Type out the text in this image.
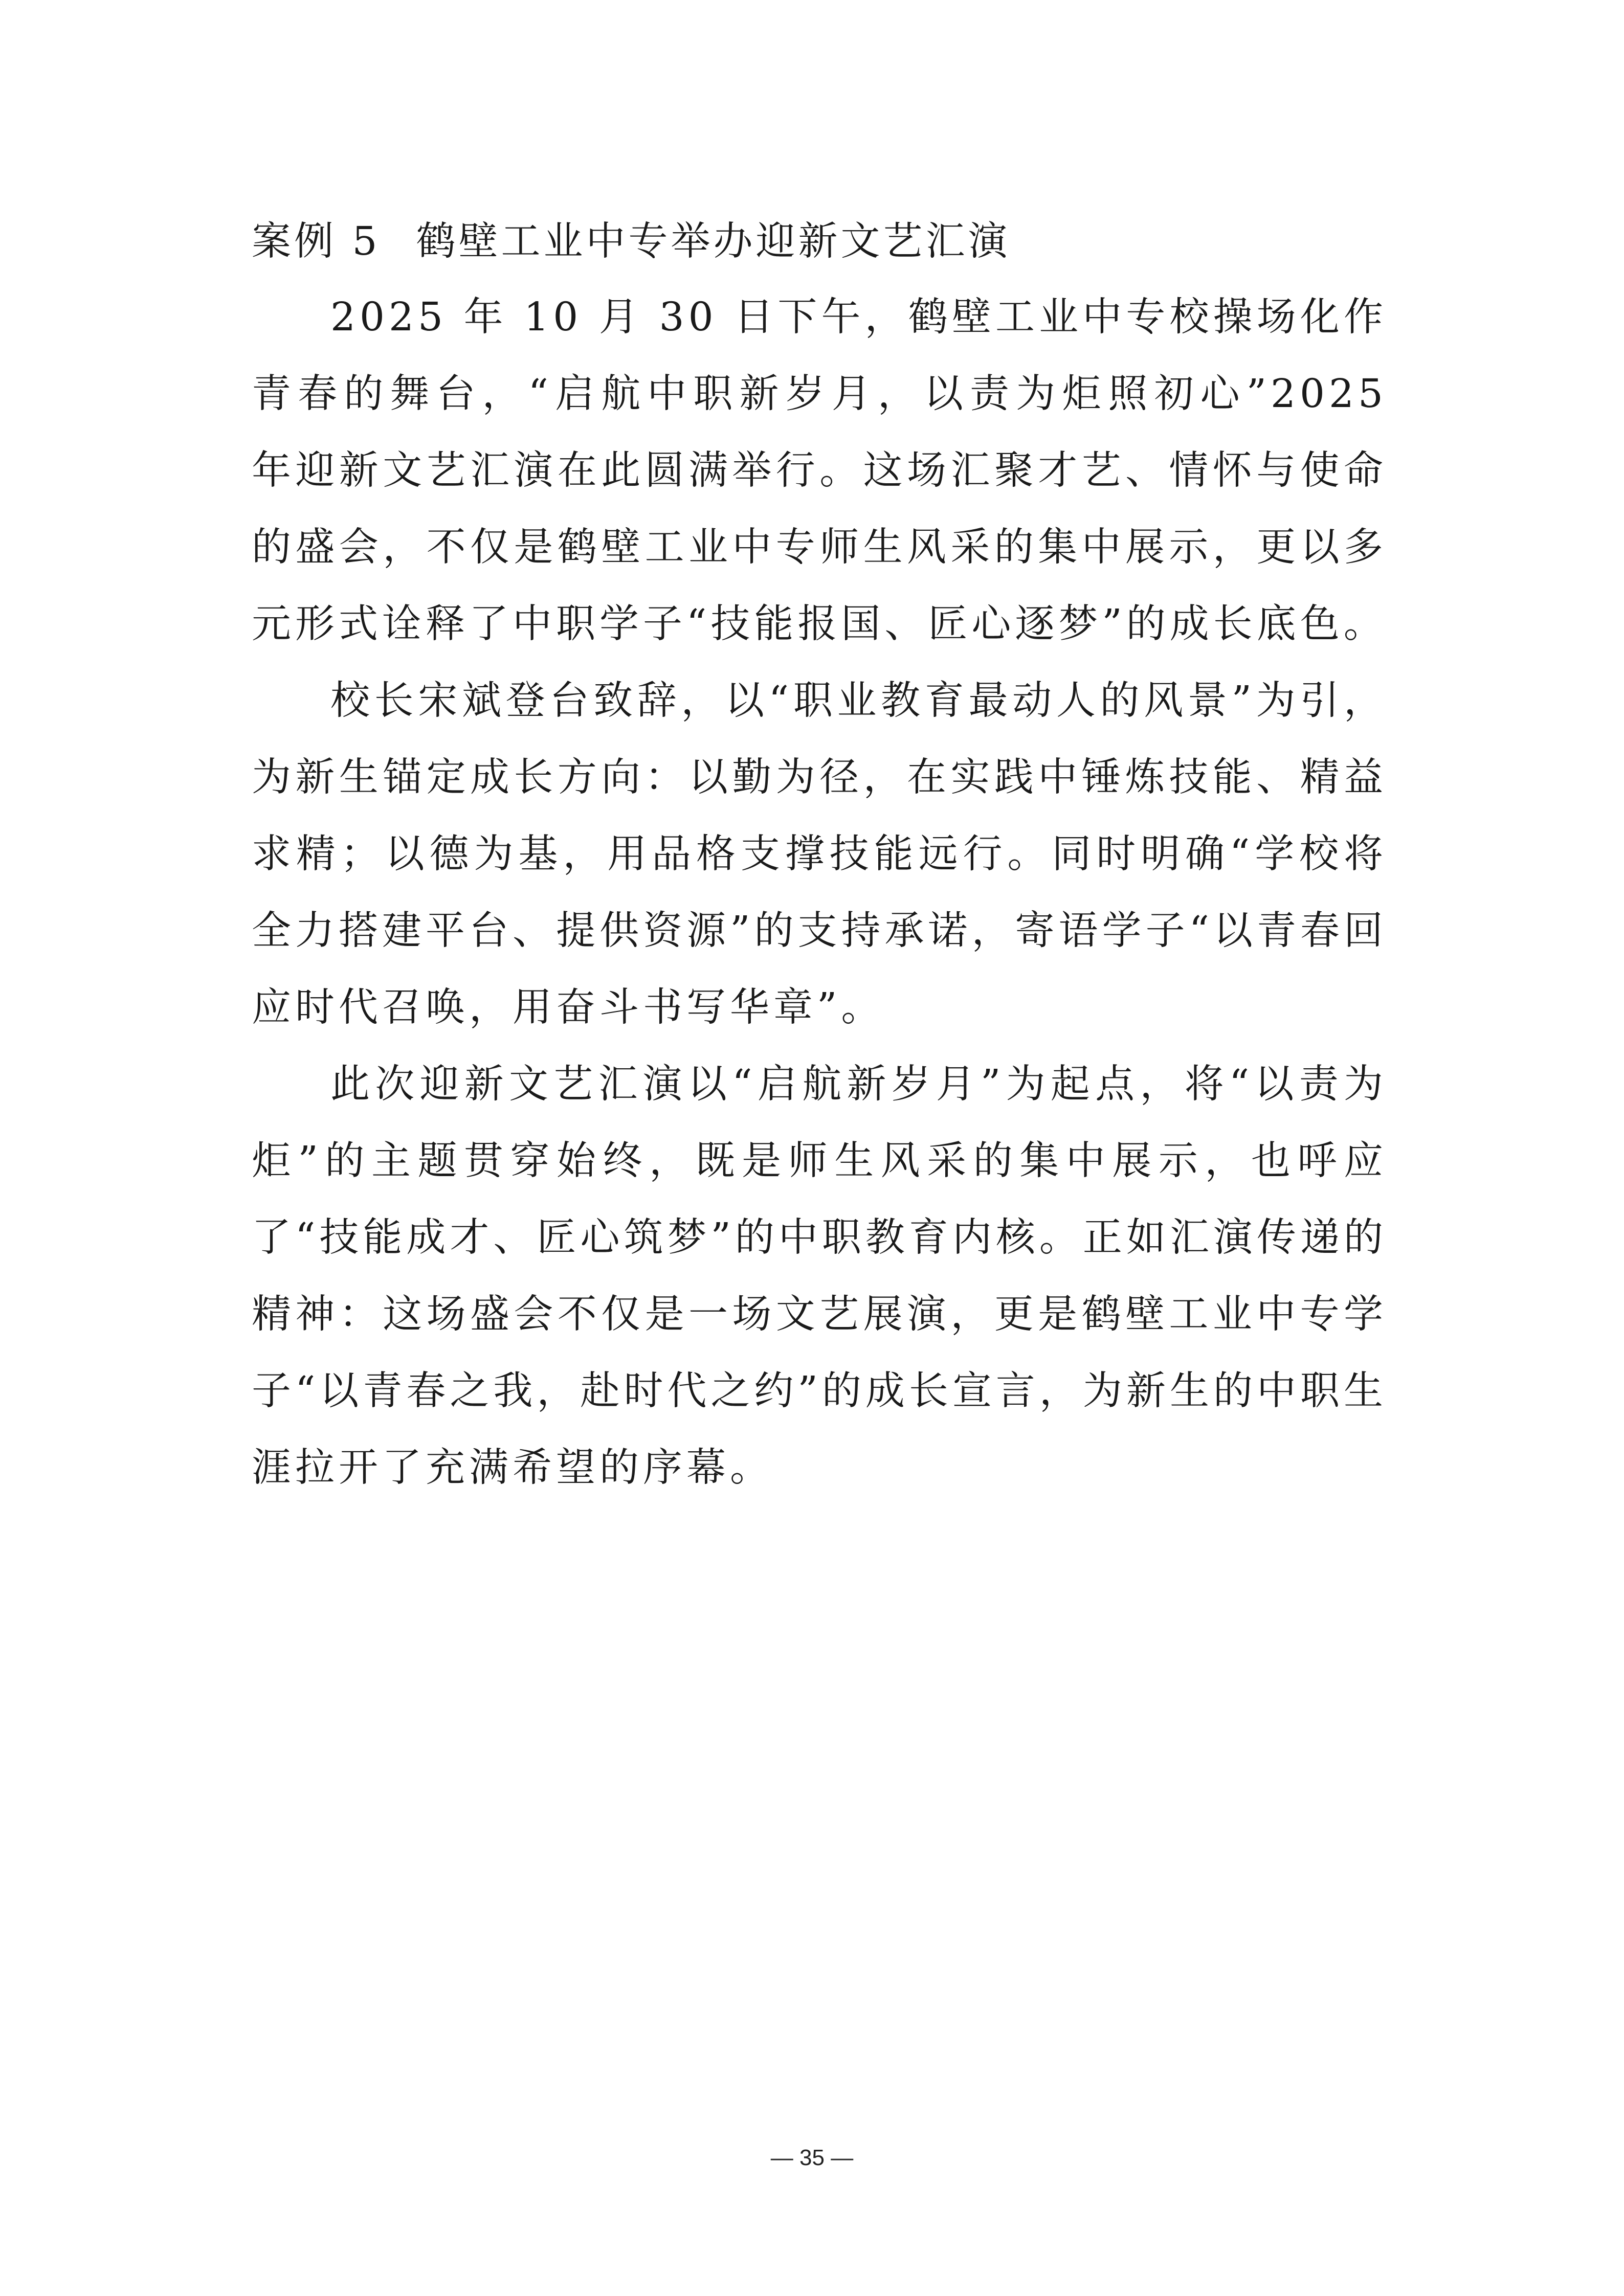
案例 5 鹤壁工业中专举办迎新文艺汇演

2025 年 10 月 30 日下午，鹤壁工业中专校操场化作青春的舞台，“启航中职新岁月，以责为炬照初心”2025 年迎新文艺汇演在此圆满举行。这场汇聚才艺、情怀与使命的盛会，不仅是鹤壁工业中专师生风采的集中展示，更以多元形式诠释了中职学子“技能报国、匠心逐梦”的成长底色。

校长宋斌登台致辞，以“职业教育最动人的风景”为引，为新生锚定成长方向：以勤为径，在实践中锤炼技能、精益求精；以德为基，用品格支撑技能远行。同时明确“学校将全力搭建平台、提供资源”的支持承诺，寄语学子“以青春回应时代召唤，用奋斗书写华章”。

此次迎新文艺汇演以“启航新岁月”为起点，将“以责为炬”的主题贯穿始终，既是师生风采的集中展示，也呼应了“技能成才、匠心筑梦”的中职教育内核。正如汇演传递的精神：这场盛会不仅是一场文艺展演，更是鹤壁工业中专学子“以青春之我，赴时代之约”的成长宣言，为新生的中职生涯拉开了充满希望的序幕。

— 35 —
